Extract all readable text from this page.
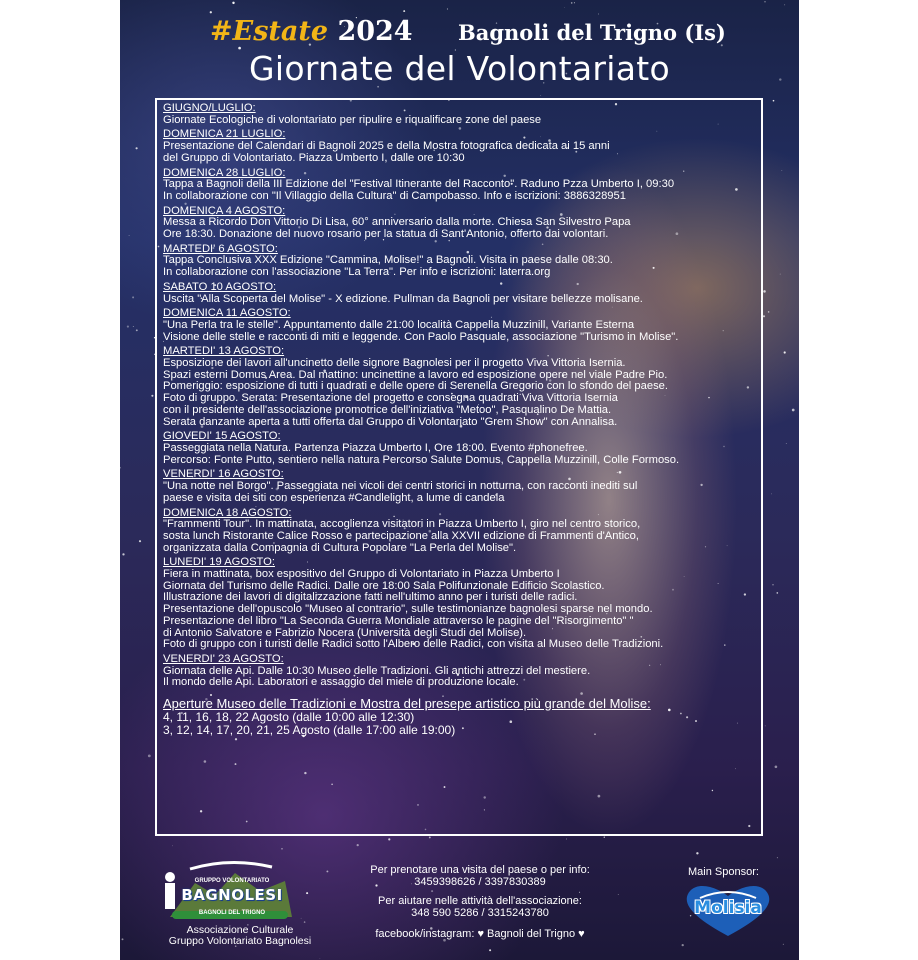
#Estate 2024 Bagnoli del Trigno (Is)
Giornate del Volontariato
GIUGNO/LUGLIO:
Giornate Ecologiche di volontariato per ripulire e riqualificare zone del paese
DOMENICA 21 LUGLIO:
Presentazione del Calendari di Bagnoli 2025 e della Mostra fotografica dedicata ai 15 anni
del Gruppo di Volontariato. Piazza Umberto I, dalle ore 10:30
DOMENICA 28 LUGLIO:
Tappa a Bagnoli della III Edizione del "Festival Itinerante del Racconto". Raduno Pzza Umberto I, 09:30
In collaborazione con "Il Villaggio della Cultura" di Campobasso. Info e iscrizioni: 3886328951
DOMENICA 4 AGOSTO:
Messa a Ricordo Don Vittorio Di Lisa, 60° anniversario dalla morte. Chiesa San Silvestro Papa
Ore 18:30. Donazione del nuovo rosario per la statua di Sant'Antonio, offerto dai volontari.
MARTEDI' 6 AGOSTO:
Tappa Conclusiva XXX Edizione "Cammina, Molise!" a Bagnoli. Visita in paese dalle 08:30.
In collaborazione con l'associazione "La Terra". Per info e iscrizioni: laterra.org
SABATO 10 AGOSTO:
Uscita "Alla Scoperta del Molise" - X edizione. Pullman da Bagnoli per visitare bellezze molisane.
DOMENICA 11 AGOSTO:
"Una Perla tra le stelle". Appuntamento dalle 21:00 località Cappella Muzzinill, Variante Esterna
Visione delle stelle e racconti di miti e leggende. Con Paolo Pasquale, associazione "Turismo in Molise".
MARTEDI' 13 AGOSTO:
Esposizione dei lavori all'uncinetto delle signore Bagnolesi per il progetto Viva Vittoria Isernia.
Spazi esterni Domus Area. Dal mattino: uncinettine a lavoro ed esposizione opere nel viale Padre Pio.
Pomeriggio: esposizione di tutti i quadrati e delle opere di Serenella Gregorio con lo sfondo del paese.
Foto di gruppo. Serata: Presentazione del progetto e consegna quadrati Viva Vittoria Isernia
con il presidente dell'associazione promotrice dell'iniziativa "Metoo", Pasqualino De Mattia.
Serata danzante aperta a tutti offerta dal Gruppo di Volontariato "Grem Show" con Annalisa.
GIOVEDI' 15 AGOSTO:
Passeggiata nella Natura. Partenza Piazza Umberto I, Ore 18:00. Evento #phonefree.
Percorso: Fonte Putto, sentiero nella natura Percorso Salute Domus, Cappella Muzzinill, Colle Formoso.
VENERDI' 16 AGOSTO:
"Una notte nel Borgo". Passeggiata nei vicoli dei centri storici in notturna, con racconti inediti sul
paese e visita dei siti con esperienza #Candlelight, a lume di candela
DOMENICA 18 AGOSTO:
"Frammenti Tour". In mattinata, accoglienza visitatori in Piazza Umberto I, giro nel centro storico,
sosta lunch Ristorante Calice Rosso e partecipazione alla XXVII edizione di Frammenti d'Antico,
organizzata dalla Compagnia di Cultura Popolare "La Perla del Molise".
LUNEDI' 19 AGOSTO:
Fiera in mattinata, box espositivo del Gruppo di Volontariato in Piazza Umberto I
Giornata del Turismo delle Radici. Dalle ore 18:00 Sala Polifunzionale Edificio Scolastico.
Illustrazione dei lavori di digitalizzazione fatti nell'ultimo anno per i turisti delle radici.
Presentazione dell'opuscolo "Museo al contrario", sulle testimonianze bagnolesi sparse nel mondo.
Presentazione del libro "La Seconda Guerra Mondiale attraverso le pagine del "Risorgimento" "
di Antonio Salvatore e Fabrizio Nocera (Università degli Studi del Molise).
Foto di gruppo con i turisti delle Radici sotto l'Albero delle Radici, con visita al Museo delle Tradizioni.
VENERDI' 23 AGOSTO:
Giornata delle Api. Dalle 10:30 Museo delle Tradizioni. Gli antichi attrezzi del mestiere.
Il mondo delle Api. Laboratori e assaggio del miele di produzione locale.
Aperture Museo delle Tradizioni e Mostra del presepe artistico più grande del Molise:
4, 11, 16, 18, 22 Agosto (dalle 10:00 alle 12:30)
3, 12, 14, 17, 20, 21, 25 Agosto (dalle 17:00 alle 19:00)
GRUPPO VOLONTARIATO
BAGNOLESI
BAGNOLI DEL TRIGNO
Associazione Culturale
Gruppo Volontariato Bagnolesi
Per prenotare una visita del paese o per info:
3459398626 / 3397830389
Per aiutare nelle attività dell'associazione:
348 590 5286 / 3315243780
facebook/instagram: ♥ Bagnoli del Trigno ♥
Main Sponsor:
Molisia
